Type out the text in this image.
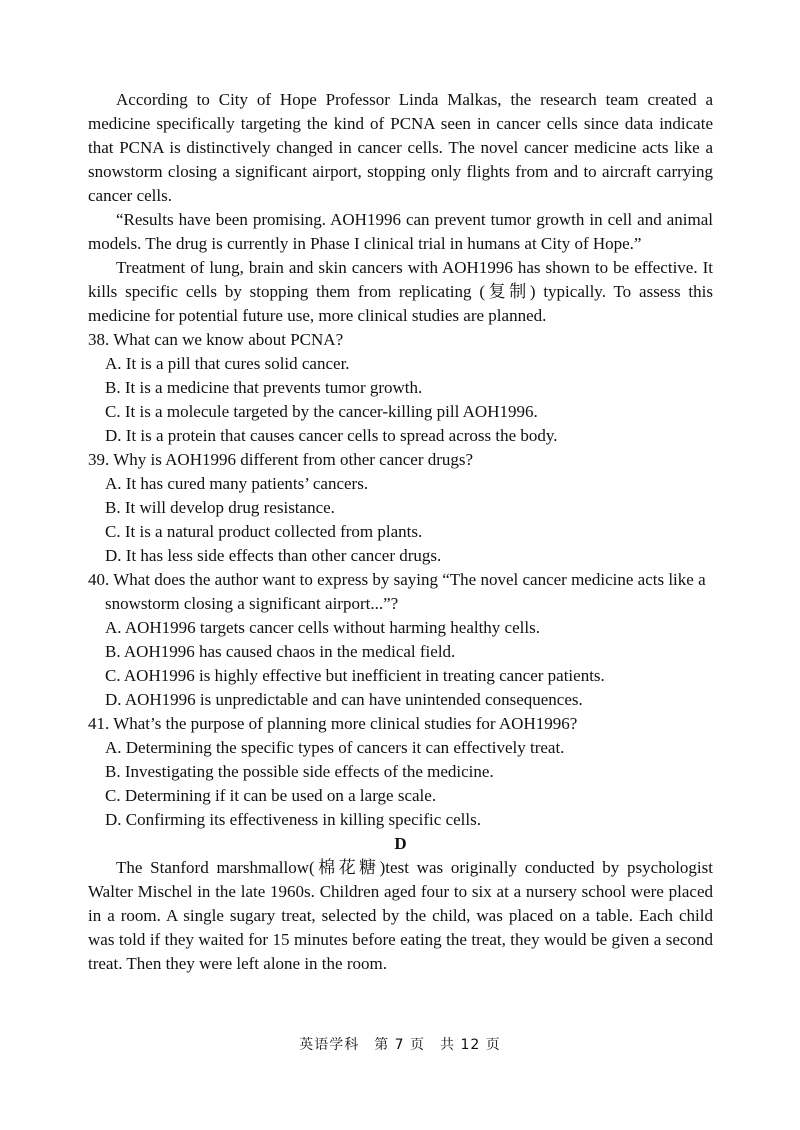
According to City of Hope Professor Linda Malkas, the research team created a medicine specifically targeting the kind of PCNA seen in cancer cells since data indicate that PCNA is distinctively changed in cancer cells. The novel cancer medicine acts like a snowstorm closing a significant airport, stopping only flights from and to aircraft carrying cancer cells.

“Results have been promising. AOH1996 can prevent tumor growth in cell and animal models. The drug is currently in Phase I clinical trial in humans at City of Hope.”

Treatment of lung, brain and skin cancers with AOH1996 has shown to be effective. It kills specific cells by stopping them from replicating (复制) typically. To assess this medicine for potential future use, more clinical studies are planned.

38. What can we know about PCNA?
A. It is a pill that cures solid cancer.
B. It is a medicine that prevents tumor growth.
C. It is a molecule targeted by the cancer-killing pill AOH1996.
D. It is a protein that causes cancer cells to spread across the body.
39. Why is AOH1996 different from other cancer drugs?
A. It has cured many patients’ cancers.
B. It will develop drug resistance.
C. It is a natural product collected from plants.
D. It has less side effects than other cancer drugs.
40. What does the author want to express by saying “The novel cancer medicine acts like a snowstorm closing a significant airport...”?
A. AOH1996 targets cancer cells without harming healthy cells.
B. AOH1996 has caused chaos in the medical field.
C. AOH1996 is highly effective but inefficient in treating cancer patients.
D. AOH1996 is unpredictable and can have unintended consequences.
41. What’s the purpose of planning more clinical studies for AOH1996?
A. Determining the specific types of cancers it can effectively treat.
B. Investigating the possible side effects of the medicine.
C. Determining if it can be used on a large scale.
D. Confirming its effectiveness in killing specific cells.
D

The Stanford marshmallow(棉花糖)test was originally conducted by psychologist Walter Mischel in the late 1960s. Children aged four to six at a nursery school were placed in a room. A single sugary treat, selected by the child, was placed on a table. Each child was told if they waited for 15 minutes before eating the treat, they would be given a second treat. Then they were left alone in the room.

英语学科　第 7 页　共 12 页
